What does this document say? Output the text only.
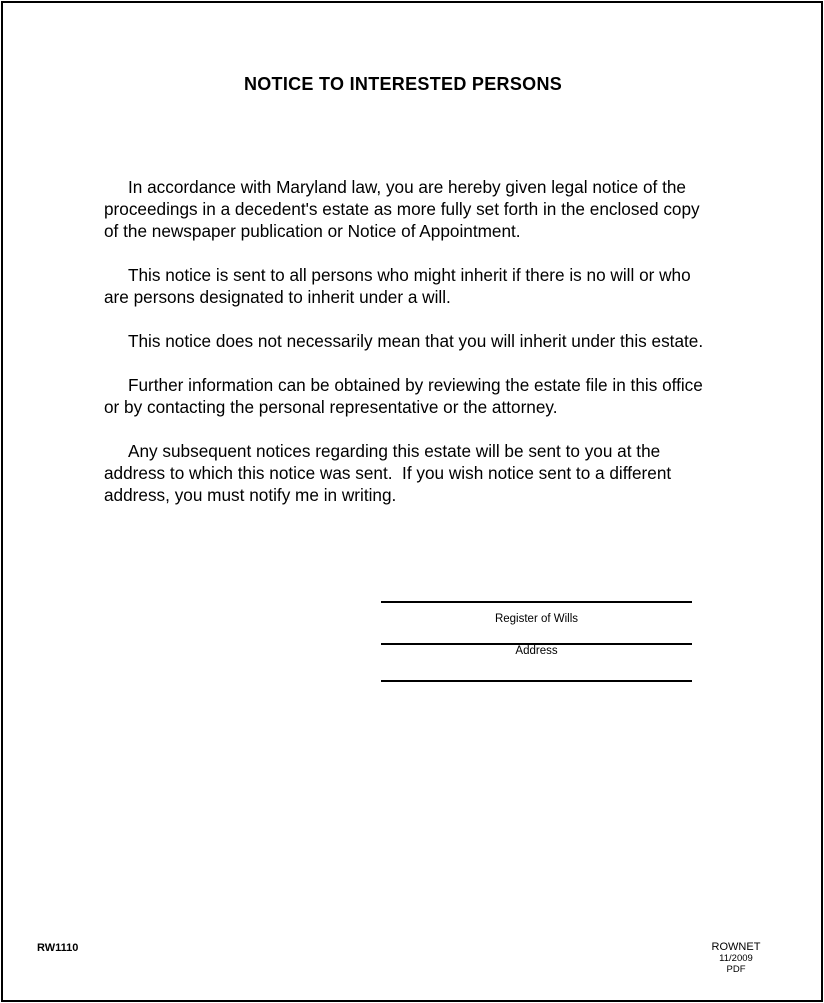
NOTICE TO INTERESTED PERSONS

In accordance with Maryland law, you are hereby given legal notice of the proceedings in a decedent's estate as more fully set forth in the enclosed copy of the newspaper publication or Notice of Appointment.

This notice is sent to all persons who might inherit if there is no will or who are persons designated to inherit under a will.

This notice does not necessarily mean that you will inherit under this estate.

Further information can be obtained by reviewing the estate file in this office or by contacting the personal representative or the attorney.

Any subsequent notices regarding this estate will be sent to you at the address to which this notice was sent.  If you wish notice sent to a different address, you must notify me in writing.

Register of Wills
Address
RW1110	ROWNET
11/2009
PDF
